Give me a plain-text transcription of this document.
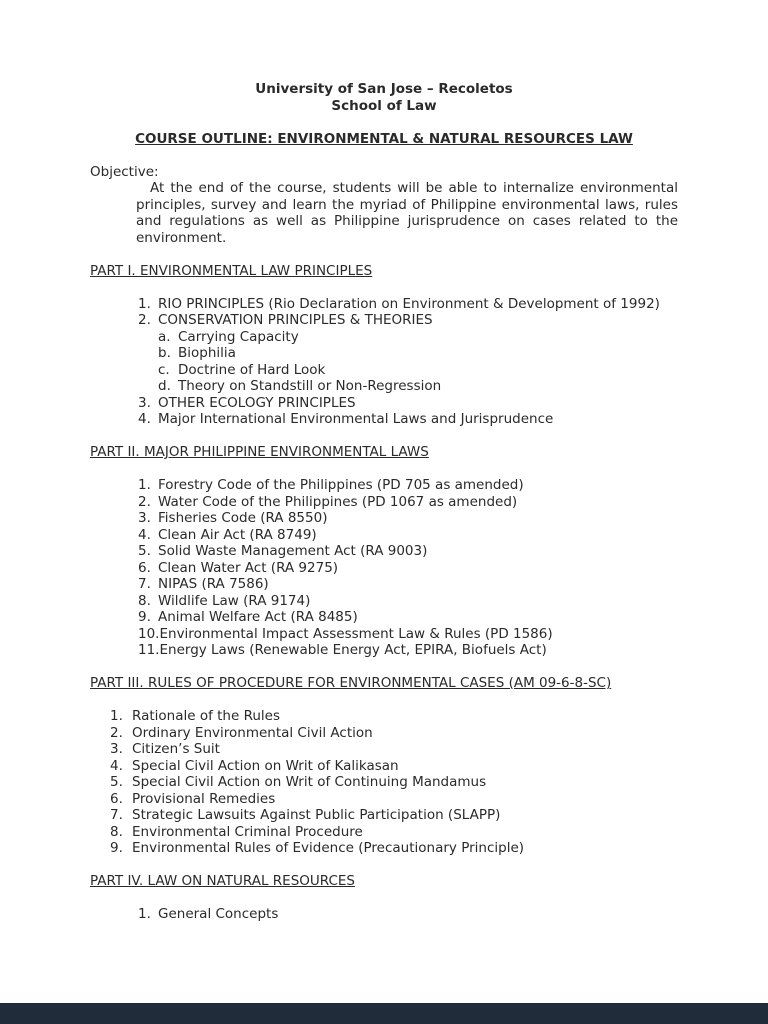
University of San Jose – Recoletos
School of Law
COURSE OUTLINE: ENVIRONMENTAL & NATURAL RESOURCES LAW
Objective:
At the end of the course, students will be able to internalize environmental principles, survey and learn the myriad of Philippine environmental laws, rules and regulations as well as Philippine jurisprudence on cases related to the environment.
PART I. ENVIRONMENTAL LAW PRINCIPLES
1. RIO PRINCIPLES (Rio Declaration on Environment & Development of 1992)
2. CONSERVATION PRINCIPLES & THEORIES
a. Carrying Capacity
b. Biophilia
c. Doctrine of Hard Look
d. Theory on Standstill or Non-Regression
3. OTHER ECOLOGY PRINCIPLES
4. Major International Environmental Laws and Jurisprudence
PART II. MAJOR PHILIPPINE ENVIRONMENTAL LAWS
1. Forestry Code of the Philippines (PD 705 as amended)
2. Water Code of the Philippines (PD 1067 as amended)
3. Fisheries Code (RA 8550)
4. Clean Air Act (RA 8749)
5. Solid Waste Management Act (RA 9003)
6. Clean Water Act (RA 9275)
7. NIPAS (RA 7586)
8. Wildlife Law (RA 9174)
9. Animal Welfare Act (RA 8485)
10. Environmental Impact Assessment Law & Rules (PD 1586)
11. Energy Laws (Renewable Energy Act, EPIRA, Biofuels Act)
PART III. RULES OF PROCEDURE FOR ENVIRONMENTAL CASES (AM 09-6-8-SC)
1. Rationale of the Rules
2. Ordinary Environmental Civil Action
3. Citizen’s Suit
4. Special Civil Action on Writ of Kalikasan
5. Special Civil Action on Writ of Continuing Mandamus
6. Provisional Remedies
7. Strategic Lawsuits Against Public Participation (SLAPP)
8. Environmental Criminal Procedure
9. Environmental Rules of Evidence (Precautionary Principle)
PART IV. LAW ON NATURAL RESOURCES
1. General Concepts
